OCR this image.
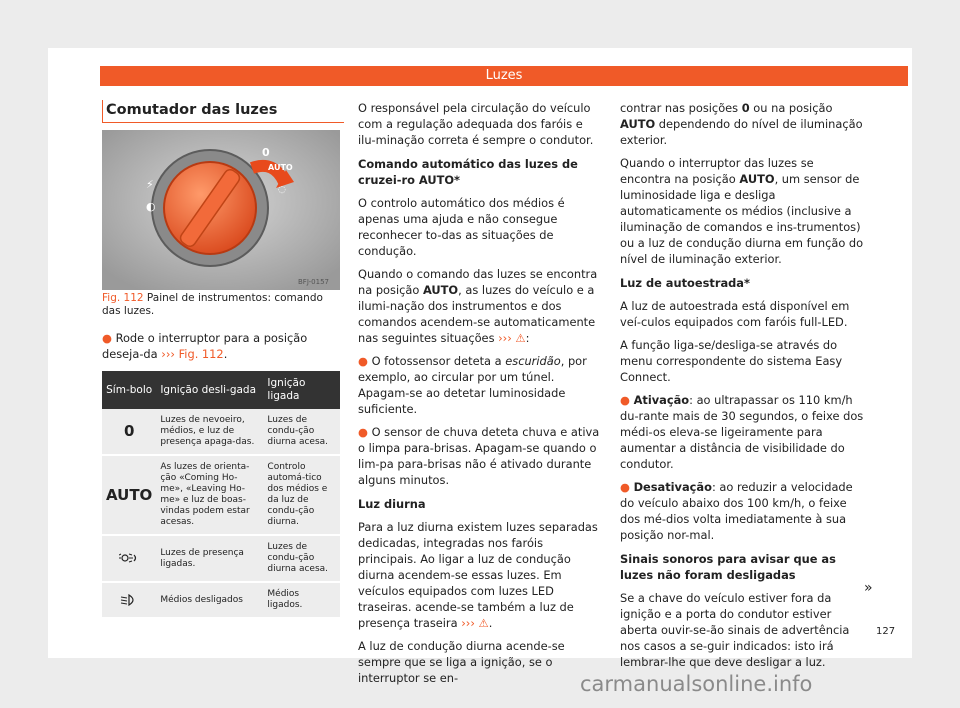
Luzes
Comutador das luzes
0
AUTO
⚡
◐
◌
BFJ-0157
Fig. 112 Painel de instrumentos: comando das luzes.
● Rode o interruptor para a posição deseja-da ››› Fig. 112.
Sím-bolo	Ignição desli-gada	Ignição ligada
0	Luzes de nevoeiro, médios, e luz de presença apaga-das.	Luzes de condu-ção diurna acesa.
AUTO	As luzes de orienta-ção «Coming Ho-me», «Leaving Ho-me» e luz de boas-vindas podem estar acesas.	Controlo automá-tico dos médios e da luz de condu-ção diurna.
	Luzes de presença ligadas.	Luzes de condu-ção diurna acesa.
	Médios desligados	Médios ligados.

O responsável pela circulação do veículo com a regulação adequada dos faróis e ilu-minação correta é sempre o condutor.

Comando automático das luzes de cruzei-ro AUTO*

O controlo automático dos médios é apenas uma ajuda e não consegue reconhecer to-das as situações de condução.

Quando o comando das luzes se encontra na posição AUTO, as luzes do veículo e a ilumi-nação dos instrumentos e dos comandos acendem-se automaticamente nas seguintes situações ››› ⚠:

● O fotossensor deteta a escuridão, por exemplo, ao circular por um túnel. Apagam-se ao detetar luminosidade suficiente.

● O sensor de chuva deteta chuva e ativa o limpa para-brisas. Apagam-se quando o lim-pa para-brisas não é ativado durante alguns minutos.

Luz diurna

Para a luz diurna existem luzes separadas dedicadas, integradas nos faróis principais. Ao ligar a luz de condução diurna acendem-se essas luzes. Em veículos equipados com luzes LED traseiras. acende-se também a luz de presença traseira ››› ⚠.

A luz de condução diurna acende-se sempre que se liga a ignição, se o interruptor se en-

contrar nas posições 0 ou na posição AUTO dependendo do nível de iluminação exterior.

Quando o interruptor das luzes se encontra na posição AUTO, um sensor de luminosidade liga e desliga automaticamente os médios (inclusive a iluminação de comandos e ins-trumentos) ou a luz de condução diurna em função do nível de iluminação exterior.

Luz de autoestrada*

A luz de autoestrada está disponível em veí-culos equipados com faróis full-LED.

A função liga-se/desliga-se através do menu correspondente do sistema Easy Connect.

● Ativação: ao ultrapassar os 110 km/h du-rante mais de 30 segundos, o feixe dos médi-os eleva-se ligeiramente para aumentar a distância de visibilidade do condutor.

● Desativação: ao reduzir a velocidade do veículo abaixo dos 100 km/h, o feixe dos mé-dios volta imediatamente à sua posição nor-mal.

Sinais sonoros para avisar que as luzes não foram desligadas

Se a chave do veículo estiver fora da ignição e a porta do condutor estiver aberta ouvir-se-ão sinais de advertência nos casos a se-guir indicados: isto irá lembrar-lhe que deve desligar a luz.

»
127
carmanualsonline.info
